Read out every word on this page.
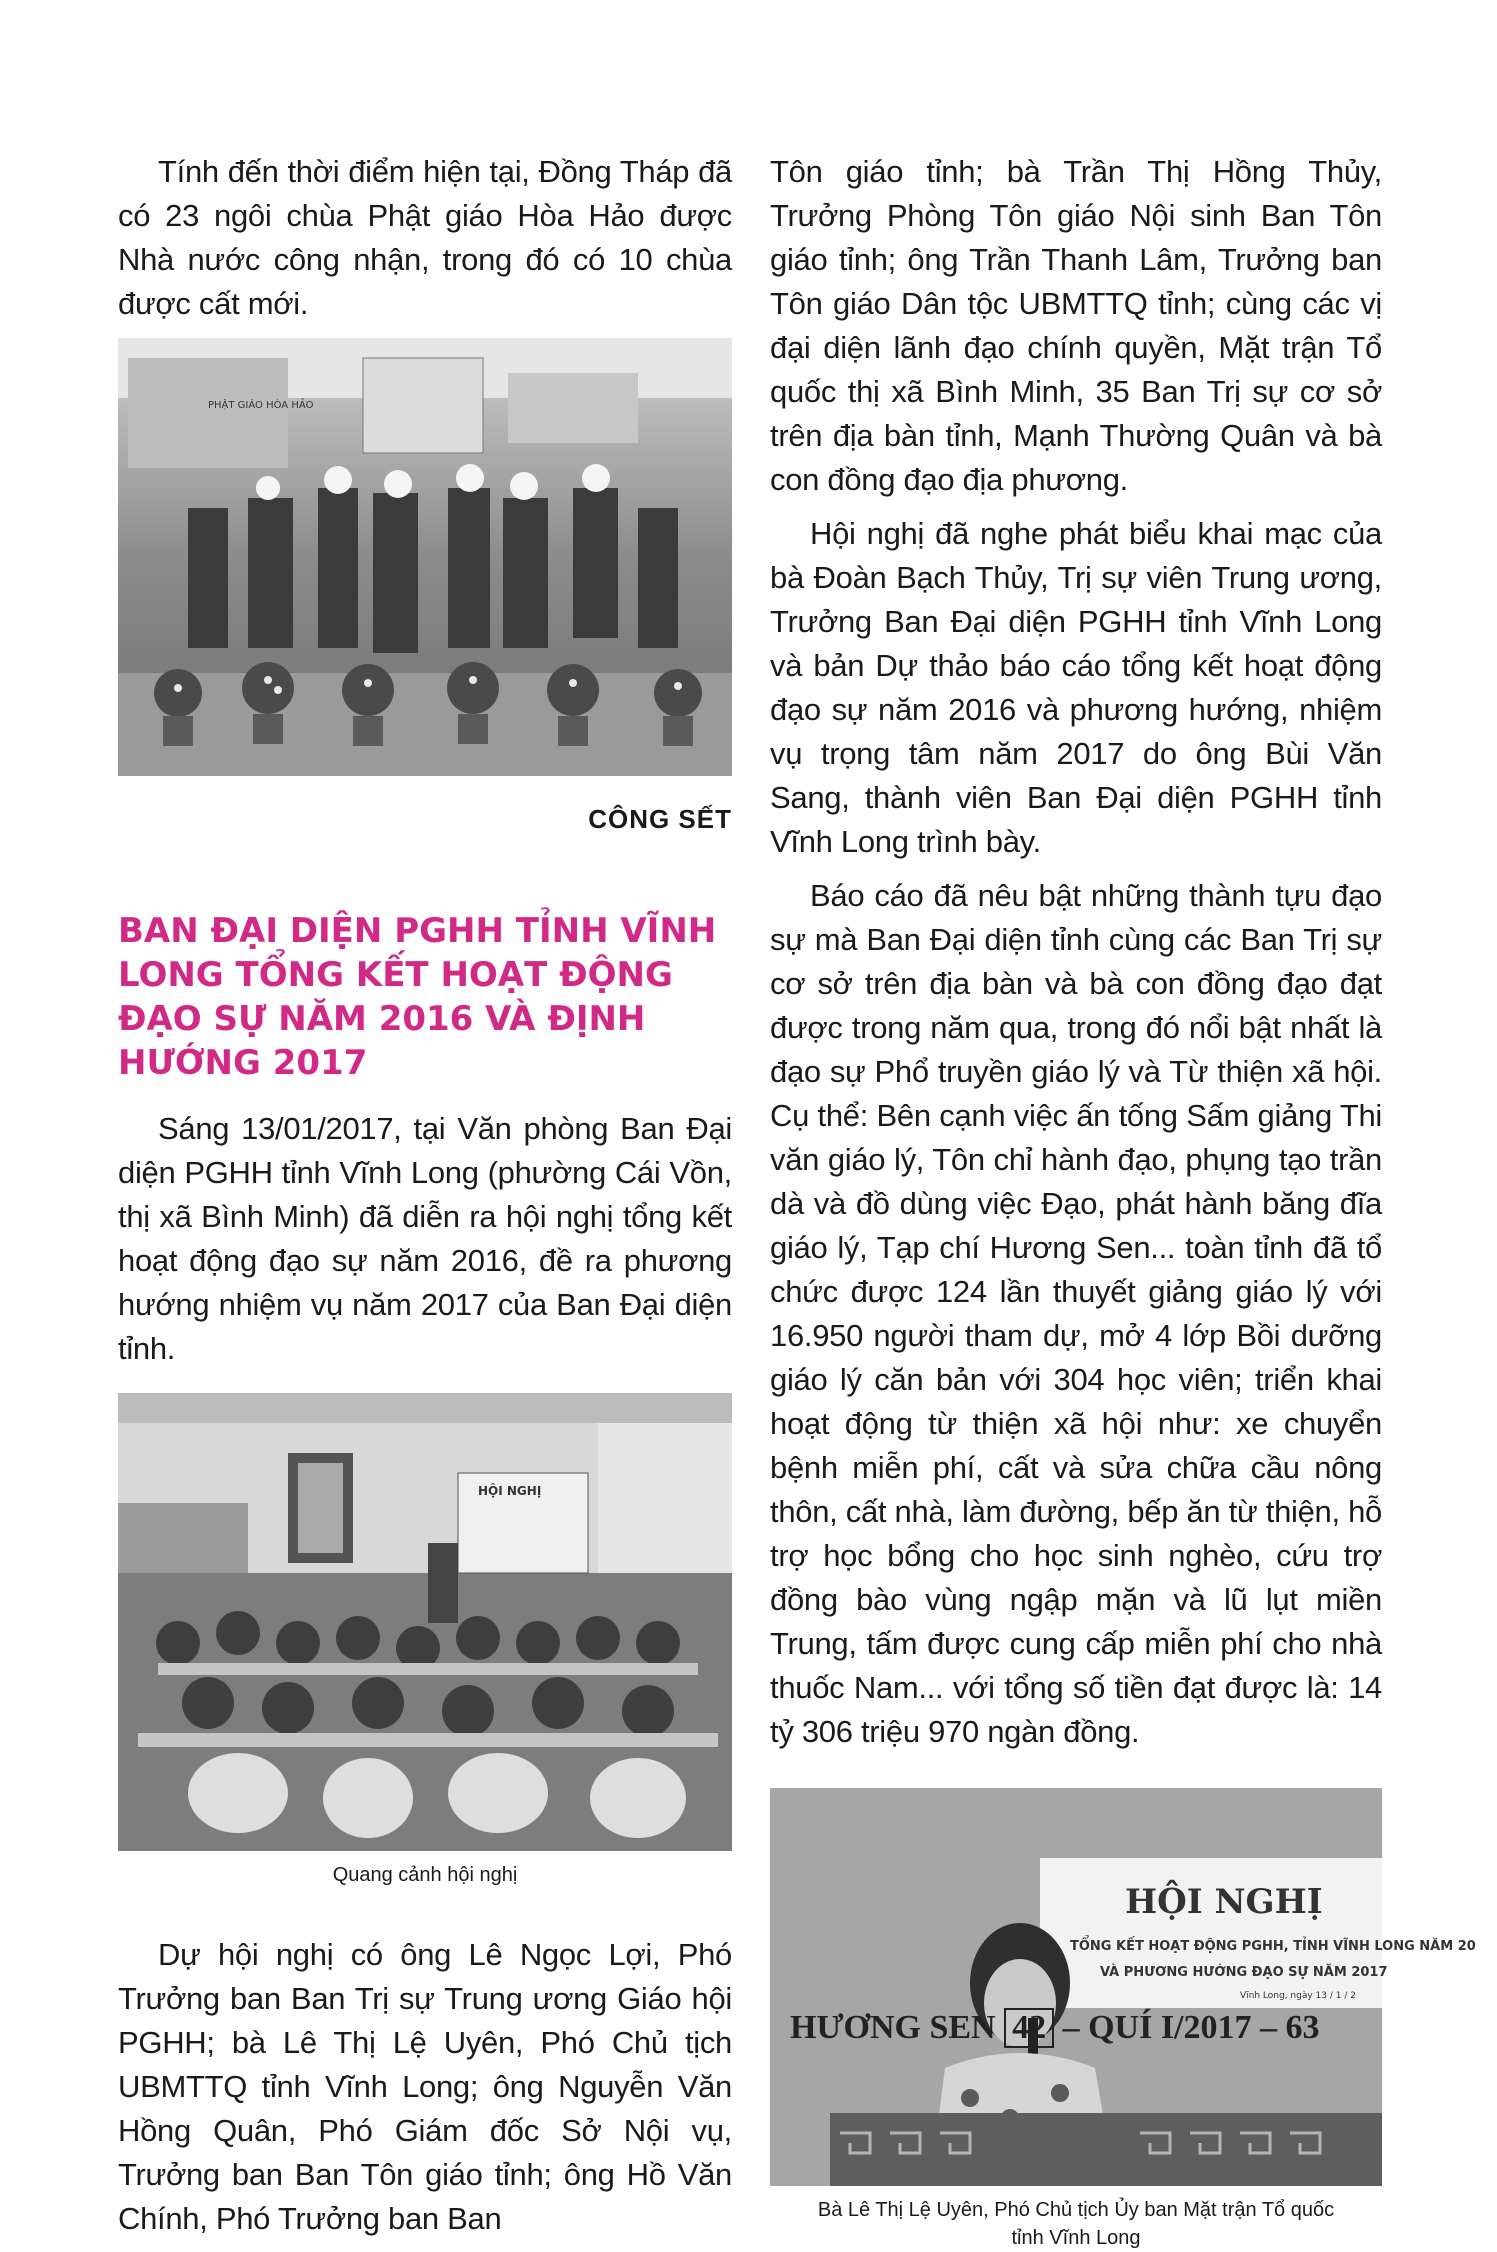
Tính đến thời điểm hiện tại, Đồng Tháp đã có 23 ngôi chùa Phật giáo Hòa Hảo được Nhà nước công nhận, trong đó có 10 chùa được cất mới.

PHẬT GIÁO HÒA HẢO
CÔNG SẾT
BAN ĐẠI DIỆN PGHH TỈNH VĨNH LONG TỔNG KẾT HOẠT ĐỘNG ĐẠO SỰ NĂM 2016 VÀ ĐỊNH HƯỚNG 2017

Sáng 13/01/2017, tại Văn phòng Ban Đại diện PGHH tỉnh Vĩnh Long (phường Cái Vồn, thị xã Bình Minh) đã diễn ra hội nghị tổng kết hoạt động đạo sự năm 2016, đề ra phương hướng nhiệm vụ năm 2017 của Ban Đại diện tỉnh.

HỘI NGHỊ
Quang cảnh hội nghị

Dự hội nghị có ông Lê Ngọc Lợi, Phó Trưởng ban Ban Trị sự Trung ương Giáo hội PGHH; bà Lê Thị Lệ Uyên, Phó Chủ tịch UBMTTQ tỉnh Vĩnh Long; ông Nguyễn Văn Hồng Quân, Phó Giám đốc Sở Nội vụ, Trưởng ban Ban Tôn giáo tỉnh; ông Hồ Văn Chính, Phó Trưởng ban Ban

Tôn giáo tỉnh; bà Trần Thị Hồng Thủy, Trưởng Phòng Tôn giáo Nội sinh Ban Tôn giáo tỉnh; ông Trần Thanh Lâm, Trưởng ban Tôn giáo Dân tộc UBMTTQ tỉnh; cùng các vị đại diện lãnh đạo chính quyền, Mặt trận Tổ quốc thị xã Bình Minh, 35 Ban Trị sự cơ sở trên địa bàn tỉnh, Mạnh Thường Quân và bà con đồng đạo địa phương.

Hội nghị đã nghe phát biểu khai mạc của bà Đoàn Bạch Thủy, Trị sự viên Trung ương, Trưởng Ban Đại diện PGHH tỉnh Vĩnh Long và bản Dự thảo báo cáo tổng kết hoạt động đạo sự năm 2016 và phương hướng, nhiệm vụ trọng tâm năm 2017 do ông Bùi Văn Sang, thành viên Ban Đại diện PGHH tỉnh Vĩnh Long trình bày.

Báo cáo đã nêu bật những thành tựu đạo sự mà Ban Đại diện tỉnh cùng các Ban Trị sự cơ sở trên địa bàn và bà con đồng đạo đạt được trong năm qua, trong đó nổi bật nhất là đạo sự Phổ truyền giáo lý và Từ thiện xã hội. Cụ thể: Bên cạnh việc ấn tống Sấm giảng Thi văn giáo lý, Tôn chỉ hành đạo, phụng tạo trần dà và đồ dùng việc Đạo, phát hành băng đĩa giáo lý, Tạp chí Hương Sen... toàn tỉnh đã tổ chức được 124 lần thuyết giảng giáo lý với 16.950 người tham dự, mở 4 lớp Bồi dưỡng giáo lý căn bản với 304 học viên; triển khai hoạt động từ thiện xã hội như: xe chuyển bệnh miễn phí, cất và sửa chữa cầu nông thôn, cất nhà, làm đường, bếp ăn từ thiện, hỗ trợ học bổng cho học sinh nghèo, cứu trợ đồng bào vùng ngập mặn và lũ lụt miền Trung, tấm được cung cấp miễn phí cho nhà thuốc Nam... với tổng số tiền đạt được là: 14 tỷ 306 triệu 970 ngàn đồng.

HỘI NGHỊ
TỔNG KẾT HOẠT ĐỘNG PGHH, TỈNH VĨNH LONG NĂM 20
VÀ PHƯƠNG HƯỚNG ĐẠO SỰ NĂM 2017
Vĩnh Long, ngày 13 / 1 / 2
Bà Lê Thị Lệ Uyên, Phó Chủ tịch Ủy ban Mặt trận Tổ quốc
tỉnh Vĩnh Long
HƯƠNG SEN 42 – QUÍ I/2017 – 63
